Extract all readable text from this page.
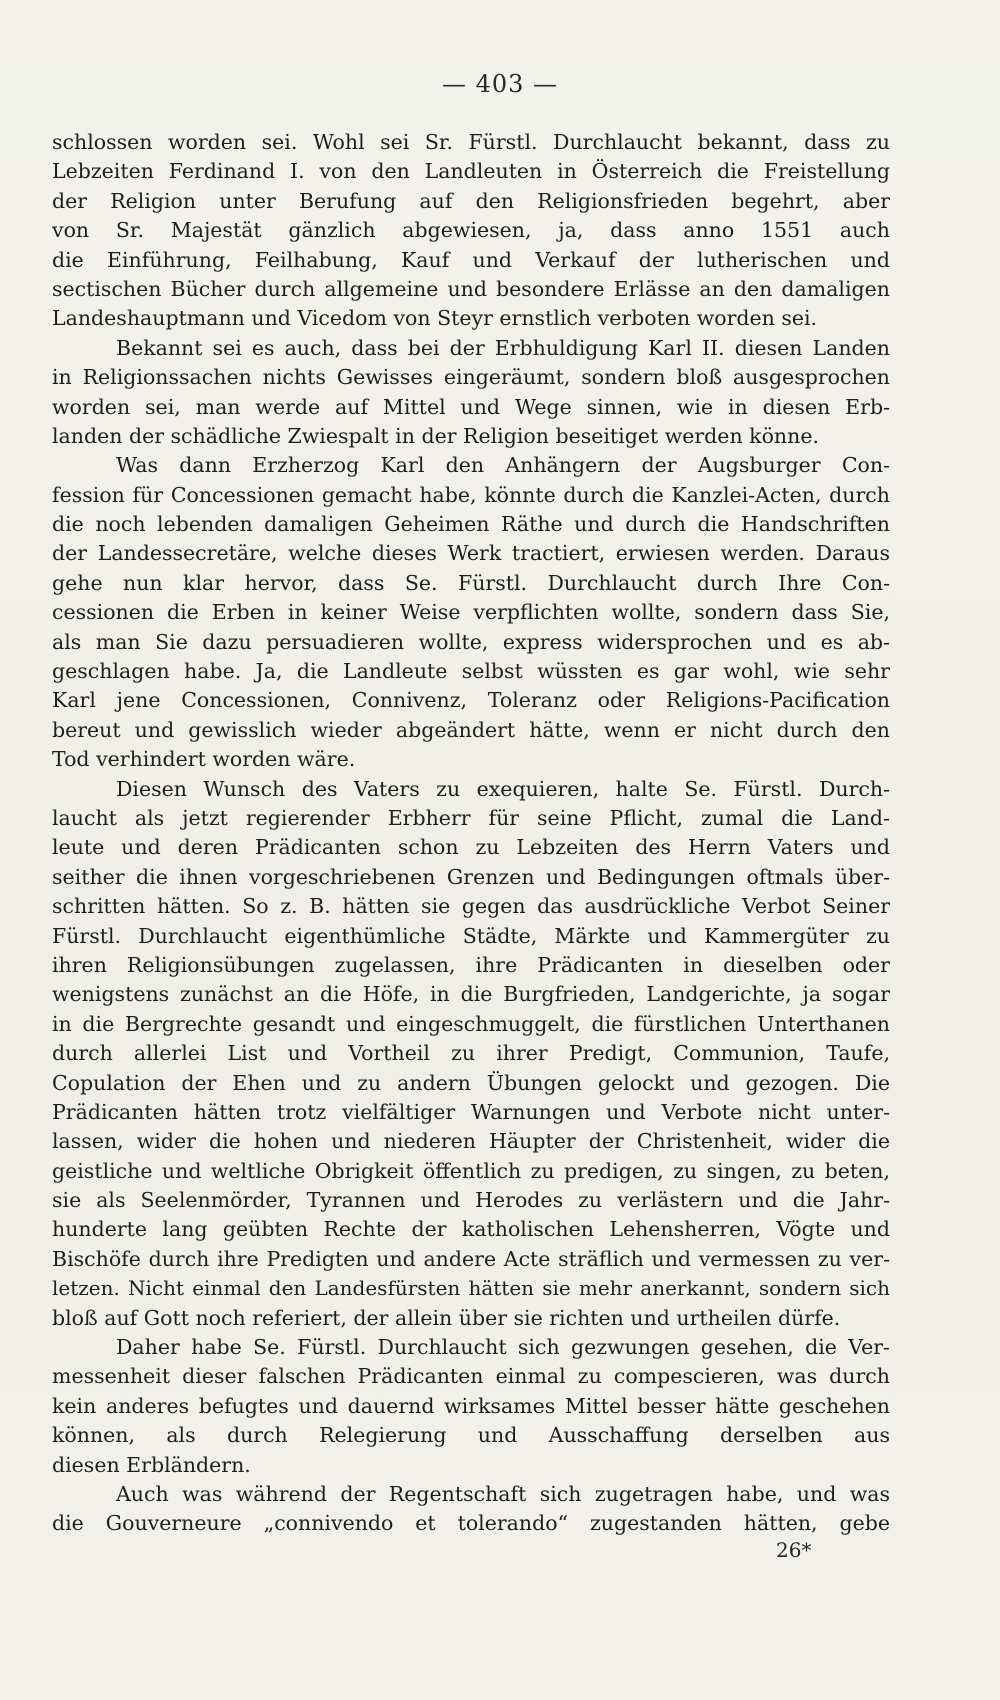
— 403 —
schlossen worden sei. Wohl sei Sr. Fürstl. Durchlaucht bekannt, dass zu
Lebzeiten Ferdinand I. von den Landleuten in Österreich die Freistellung
der Religion unter Berufung auf den Religionsfrieden begehrt, aber
von Sr. Majestät gänzlich abgewiesen, ja, dass anno 1551 auch
die Einführung, Feilhabung, Kauf und Verkauf der lutherischen und
sectischen Bücher durch allgemeine und besondere Erlässe an den damaligen
Landeshauptmann und Vicedom von Steyr ernstlich verboten worden sei.
Bekannt sei es auch, dass bei der Erbhuldigung Karl II. diesen Landen
in Religionssachen nichts Gewisses eingeräumt, sondern bloß ausgesprochen
worden sei, man werde auf Mittel und Wege sinnen, wie in diesen Erb-
landen der schädliche Zwiespalt in der Religion beseitiget werden könne.
Was dann Erzherzog Karl den Anhängern der Augsburger Con-
fession für Concessionen gemacht habe, könnte durch die Kanzlei-Acten, durch
die noch lebenden damaligen Geheimen Räthe und durch die Handschriften
der Landessecretäre, welche dieses Werk tractiert, erwiesen werden. Daraus
gehe nun klar hervor, dass Se. Fürstl. Durchlaucht durch Ihre Con-
cessionen die Erben in keiner Weise verpflichten wollte, sondern dass Sie,
als man Sie dazu persuadieren wollte, express widersprochen und es ab-
geschlagen habe. Ja, die Landleute selbst wüssten es gar wohl, wie sehr
Karl jene Concessionen, Connivenz, Toleranz oder Religions-Pacification
bereut und gewisslich wieder abgeändert hätte, wenn er nicht durch den
Tod verhindert worden wäre.
Diesen Wunsch des Vaters zu exequieren, halte Se. Fürstl. Durch-
laucht als jetzt regierender Erbherr für seine Pflicht, zumal die Land-
leute und deren Prädicanten schon zu Lebzeiten des Herrn Vaters und
seither die ihnen vorgeschriebenen Grenzen und Bedingungen oftmals über-
schritten hätten. So z. B. hätten sie gegen das ausdrückliche Verbot Seiner
Fürstl. Durchlaucht eigenthümliche Städte, Märkte und Kammergüter zu
ihren Religionsübungen zugelassen, ihre Prädicanten in dieselben oder
wenigstens zunächst an die Höfe, in die Burgfrieden, Landgerichte, ja sogar
in die Bergrechte gesandt und eingeschmuggelt, die fürstlichen Unterthanen
durch allerlei List und Vortheil zu ihrer Predigt, Communion, Taufe,
Copulation der Ehen und zu andern Übungen gelockt und gezogen. Die
Prädicanten hätten trotz vielfältiger Warnungen und Verbote nicht unter-
lassen, wider die hohen und niederen Häupter der Christenheit, wider die
geistliche und weltliche Obrigkeit öffentlich zu predigen, zu singen, zu beten,
sie als Seelenmörder, Tyrannen und Herodes zu verlästern und die Jahr-
hunderte lang geübten Rechte der katholischen Lehensherren, Vögte und
Bischöfe durch ihre Predigten und andere Acte sträflich und vermessen zu ver-
letzen. Nicht einmal den Landesfürsten hätten sie mehr anerkannt, sondern sich
bloß auf Gott noch referiert, der allein über sie richten und urtheilen dürfe.
Daher habe Se. Fürstl. Durchlaucht sich gezwungen gesehen, die Ver-
messenheit dieser falschen Prädicanten einmal zu compescieren, was durch
kein anderes befugtes und dauernd wirksames Mittel besser hätte geschehen
können, als durch Relegierung und Ausschaffung derselben aus
diesen Erbländern.
Auch was während der Regentschaft sich zugetragen habe, und was
die Gouverneure „connivendo et tolerando“ zugestanden hätten, gebe
26*
